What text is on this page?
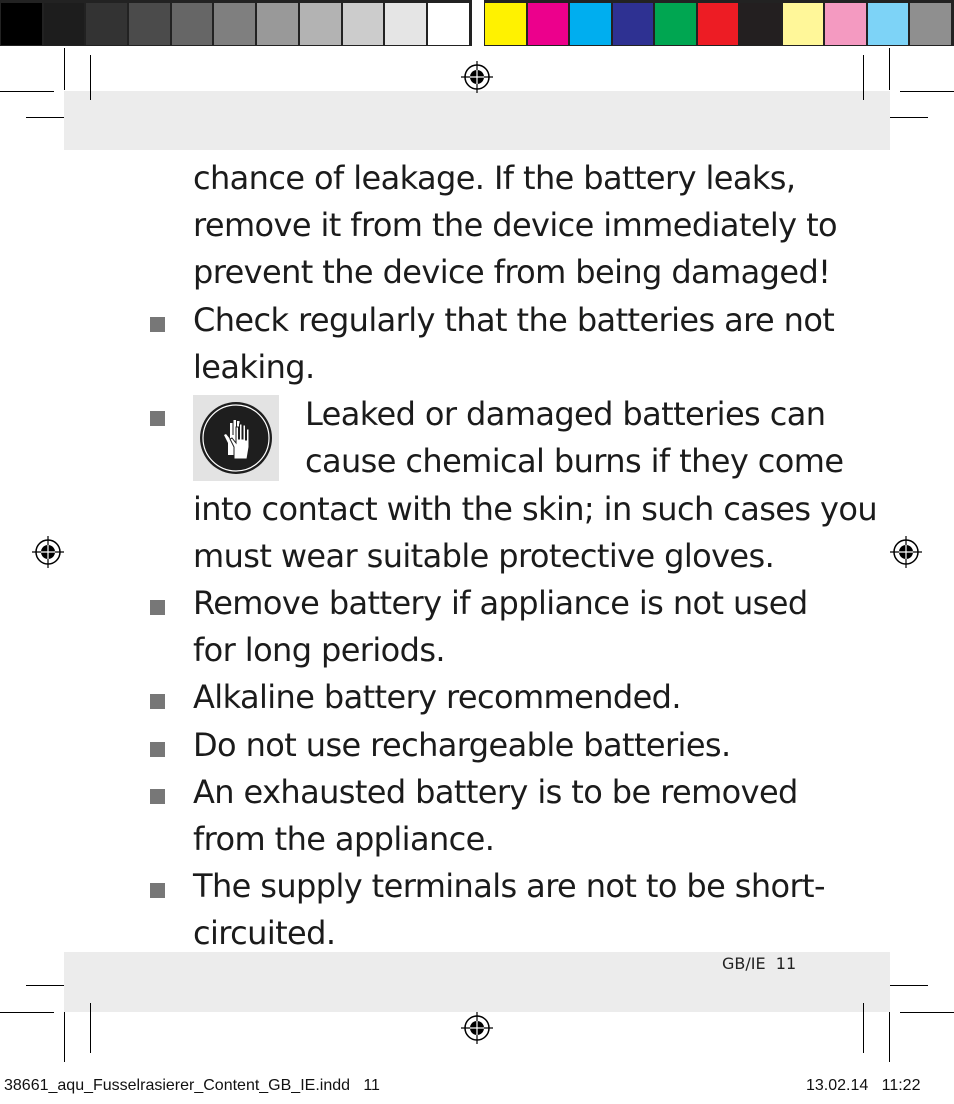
chance of leakage. If the battery leaks,
remove it from the device immediately to
prevent the device from being damaged!
Check regularly that the batteries are not
leaking.
Leaked or damaged batteries can
cause chemical burns if they come
into contact with the skin; in such cases you
must wear suitable protective gloves.
Remove battery if appliance is not used
for long periods.
Alkaline battery recommended.
Do not use rechargeable batteries.
An exhausted battery is to be removed
from the appliance.
The supply terminals are not to be short-
circuited.
GB/IE  11
38661_aqu_Fusselrasierer_Content_GB_IE.indd   11	13.02.14   11:22
